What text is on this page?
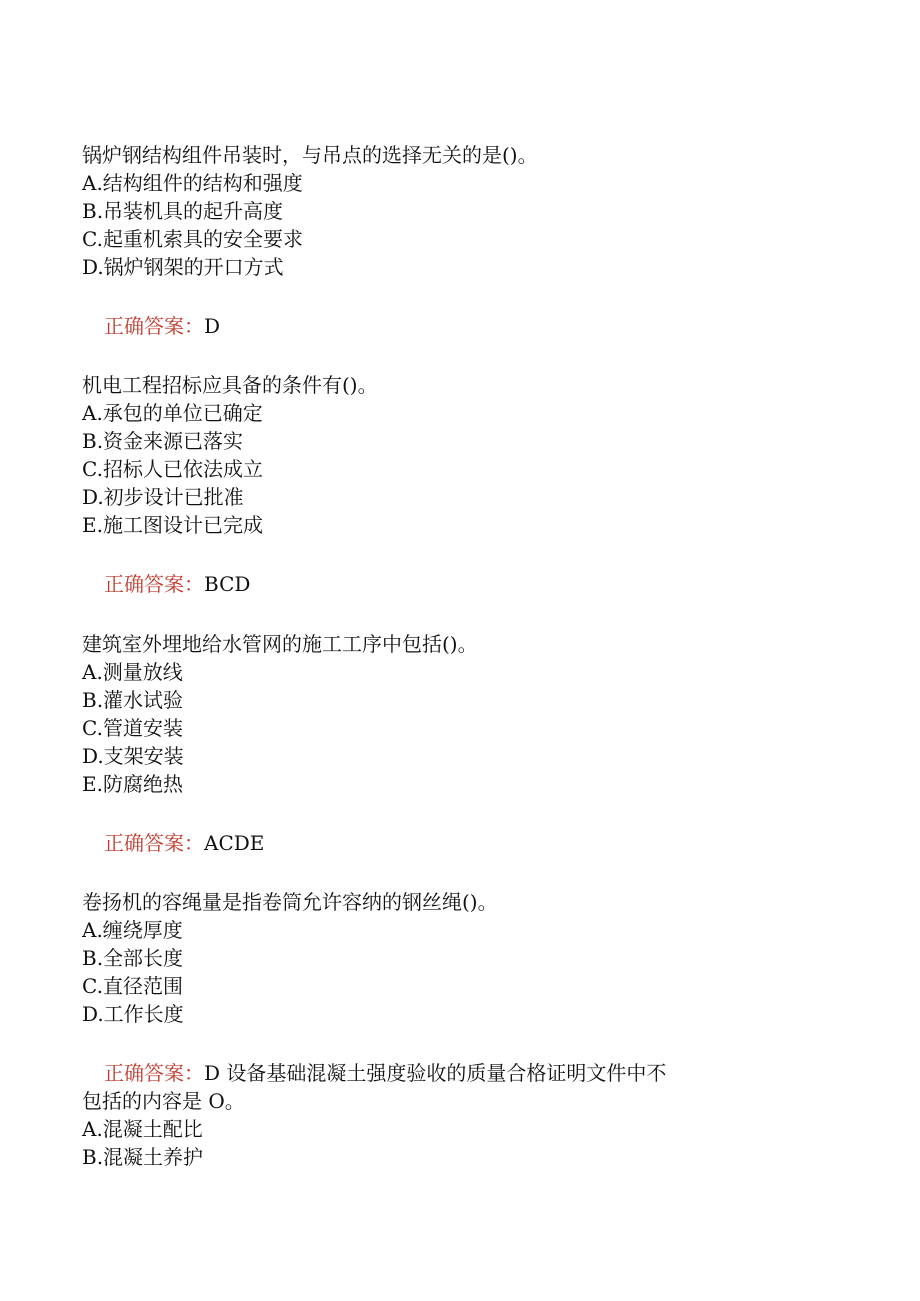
锅炉钢结构组件吊装时，与吊点的选择无关的是()。
A.结构组件的结构和强度
B.吊装机具的起升高度
C.起重机索具的安全要求
D.锅炉钢架的开口方式
正确答案：D
机电工程招标应具备的条件有()。
A.承包的单位已确定
B.资金来源已落实
C.招标人已依法成立
D.初步设计已批准
E.施工图设计已完成
正确答案：BCD
建筑室外埋地给水管网的施工工序中包括()。
A.测量放线
B.灌水试验
C.管道安装
D.支架安装
E.防腐绝热
正确答案：ACDE
卷扬机的容绳量是指卷筒允许容纳的钢丝绳()。
A.缠绕厚度
B.全部长度
C.直径范围
D.工作长度
正确答案：D 设备基础混凝土强度验收的质量合格证明文件中不
包括的内容是 O。
A.混凝土配比
B.混凝土养护
